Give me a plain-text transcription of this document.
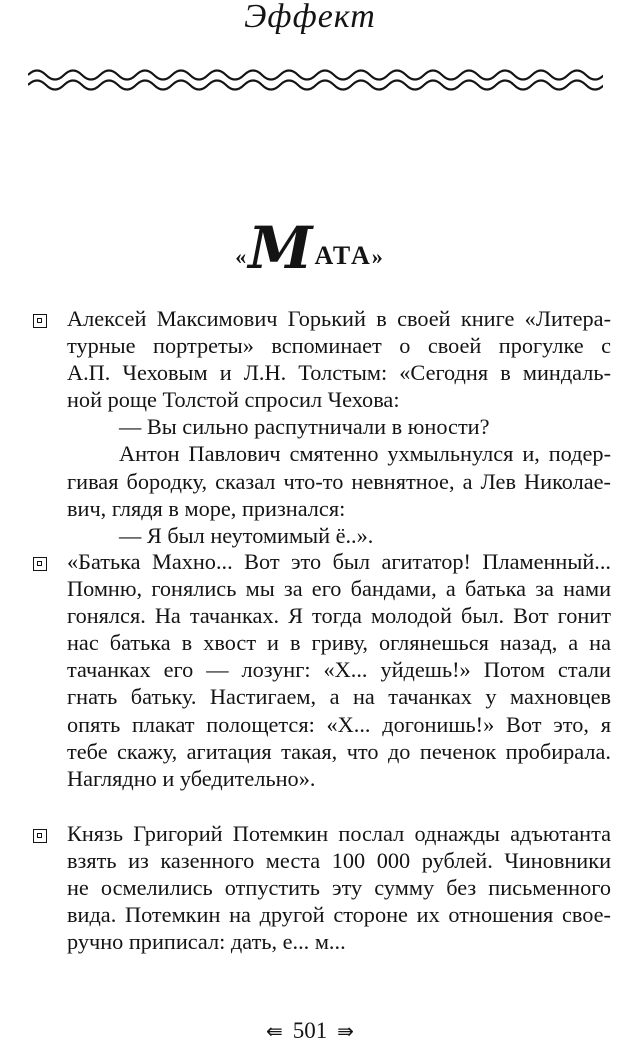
Эффект
«МАТА»
Алексей Максимович Горький в своей книге «Литера-
турные портреты» вспоминает о своей прогулке с
А.П. Чеховым и Л.Н. Толстым: «Сегодня в миндаль-
ной роще Толстой спросил Чехова:
— Вы сильно распутничали в юности?
Антон Павлович смятенно ухмыльнулся и, подер-
гивая бородку, сказал что-то невнятное, а Лев Николае-
вич, глядя в море, признался:
— Я был неутомимый ё..».
«Батька Махно... Вот это был агитатор! Пламенный...
Помню, гонялись мы за его бандами, а батька за нами
гонялся. На тачанках. Я тогда молодой был. Вот гонит
нас батька в хвост и в гриву, оглянешься назад, а на
тачанках его — лозунг: «Х... уйдешь!» Потом стали
гнать батьку. Настигаем, а на тачанках у махновцев
опять плакат полощется: «Х... догонишь!» Вот это, я
тебе скажу, агитация такая, что до печенок пробирала.
Наглядно и убедительно».
Князь Григорий Потемкин послал однажды адъютанта
взять из казенного места 100 000 рублей. Чиновники
не осмелились отпустить эту сумму без письменного
вида. Потемкин на другой стороне их отношения свое-
ручно приписал: дать, е... м...
⇚ 501 ⇛
